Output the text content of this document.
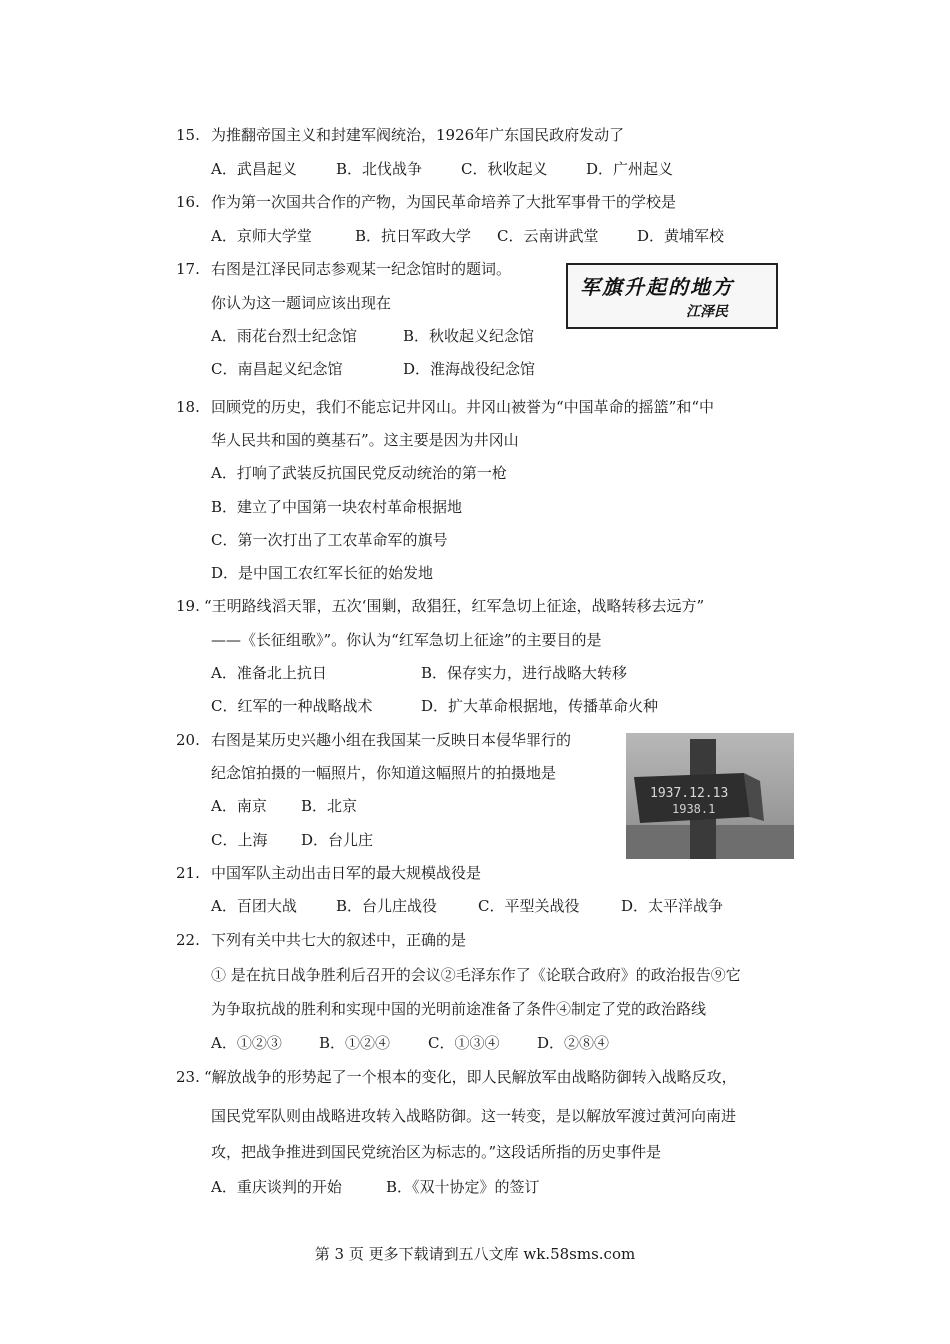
15. 为推翻帝国主义和封建军阀统治，1926年广东国民政府发动了
A．武昌起义	B．北伐战争	C．秋收起义	D．广州起义
16. 作为第一次国共合作的产物，为国民革命培养了大批军事骨干的学校是
A．京师大学堂	B．抗日军政大学 C．云南讲武堂	D．黄埔军校
17. 右图是江泽民同志参观某一纪念馆时的题词。
你认为这一题词应该出现在
A．雨花台烈士纪念馆	B．秋收起义纪念馆
C．南昌起义纪念馆	D．淮海战役纪念馆
军旗升起的地方
江泽民
18. 回顾党的历史，我们不能忘记井冈山。井冈山被誉为“中国革命的摇篮”和“中
华人民共和国的奠基石”。这主要是因为井冈山
A．打响了武装反抗国民党反动统治的第一枪
B．建立了中国第一块农村革命根据地
C．第一次打出了工农革命军的旗号
D．是中国工农红军长征的始发地
19. “王明路线滔天罪，五次‘围剿，敌猖狂，红军急切上征途，战略转移去远方”
——《长征组歌》”。你认为“红军急切上征途”的主要目的是
A．准备北上抗日	B．保存实力，进行战略大转移
C．红军的一种战略战术	D．扩大革命根据地，传播革命火种
20. 右图是某历史兴趣小组在我国某一反映日本侵华罪行的
纪念馆拍摄的一幅照片，你知道这幅照片的拍摄地是
A．南京 B．北京
C．上海 D．台儿庄
1937.12.13
1938.1
21. 中国军队主动出击日军的最大规模战役是
A．百团大战	B．台儿庄战役	C．平型关战役	D．太平洋战争
22. 下列有关中共七大的叙述中，正确的是
① 是在抗日战争胜利后召开的会议②毛泽东作了《论联合政府》的政治报告⑨它
为争取抗战的胜利和实现中国的光明前途准备了条件④制定了党的政治路线
A．①②③ B．①②④	C．①③④	D．②⑧④
23. “解放战争的形势起了一个根本的变化，即人民解放军由战略防御转入战略反攻，
国民党军队则由战略进攻转入战略防御。这一转变，是以解放军渡过黄河向南进
攻，把战争推进到国民党统治区为标志的。”这段话所指的历史事件是
A．重庆谈判的开始	B．《双十协定》的签订
第 3 页 更多下载请到五八文库 wk.58sms.com
